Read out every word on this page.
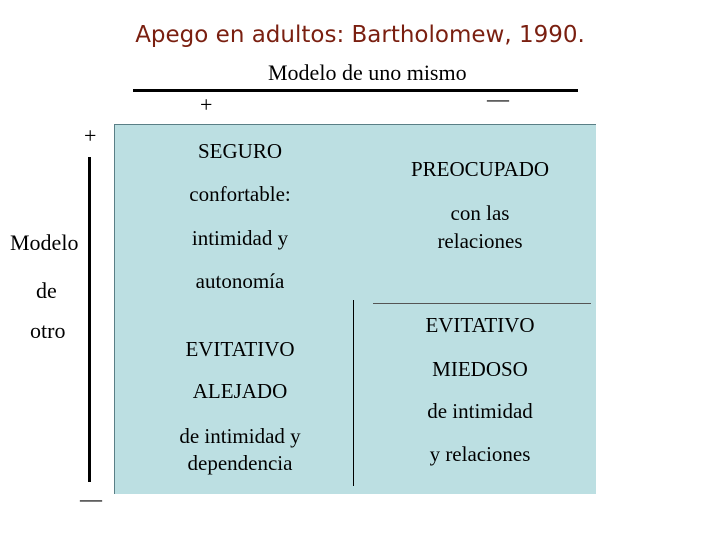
Apego en adultos: Bartholomew, 1990.
Modelo de uno mismo
+	—
+
—
Modelo
de
otro
SEGURO
confortable:
intimidad y
autonomía
PREOCUPADO
con las
relaciones
EVITATIVO
ALEJADO
de intimidad y
dependencia
EVITATIVO
MIEDOSO
de intimidad
y relaciones
